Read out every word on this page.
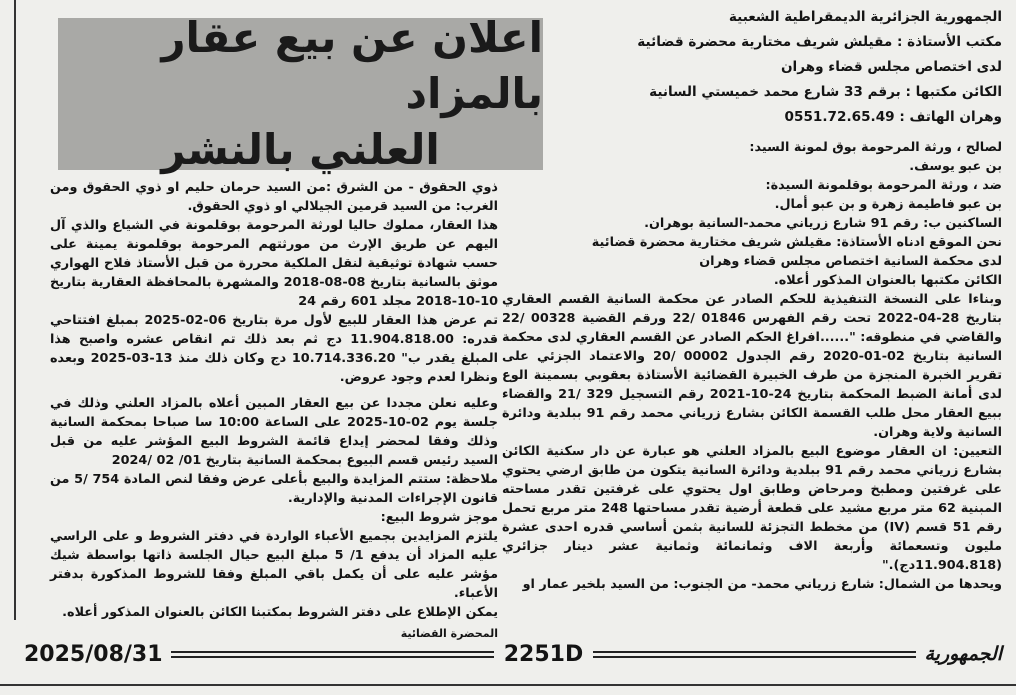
اعلان عن بيع عقار بالمزاد
العلني بالنشر

الجمهورية الجزائرية الديمقراطية الشعبية

مكتب الأستاذة : مقيلش شريف مختارية محضرة قضائية

لدى اختصاص مجلس قضاء وهران

الكائن مكتبها : برقم 33 شارع محمد خميستي السانية

وهران الهاتف : 0551.72.65.49

لصالح ، ورثة المرحومة بوق لمونة السيد:

بن عبو يوسف.

ضد ، ورثة المرحومة بوقلمونة السيدة:

بن عبو فاطيمة زهرة و بن عبو أمال.

الساكنين ب: رقم 91 شارع زرياني محمد-السانية بوهران.

نحن الموقع ادناه الأستاذة: مقيلش شريف مختارية محضرة قضائية

لدى محكمة السانية اختصاص مجلس قضاء وهران

الكائن مكتبها بالعنوان المذكور أعلاه.

وبناءا على النسخة التنفيذية للحكم الصادر عن محكمة السانية القسم العقاري بتاريخ 28-04-2022 تحت رقم الفهرس 01846 /22 ورقم القضية 00328 /22 والقاضي في منطوقه: "......افراغ الحكم الصادر عن القسم العقاري لدى محكمة السانية بتاريخ 02-01-2020 رقم الجدول 00002 /20 والاعتماد الجزئي على تقرير الخبرة المنجزة من طرف الخبيرة القضائية الأستاذة بعقوبي بسمينة الوع لدى أمانة الضبط المحكمة بتاريخ 24-10-2021 رقم التسجيل 329 /21 والقضاء ببيع العقار محل طلب القسمة الكائن بشارع زرياني محمد رقم 91 ببلدية ودائرة السانية ولاية وهران.

التعيين: ان العقار موضوع البيع بالمزاد العلني هو عبارة عن دار سكنية الكائن بشارع زرياني محمد رقم 91 ببلدية ودائرة السانية يتكون من طابق ارضي يحتوي على غرفتين ومطبخ ومرحاض وطابق اول يحتوي على غرفتين تقدر مساحته المبنية 62 متر مربع مشيد على قطعة أرضية تقدر مساحتها 248 متر مربع تحمل رقم 51 قسم (IV) من مخطط التجزئة للسانية بثمن أساسي قدره احدى عشرة مليون وتسعمائة وأربعة الاف وثمانمائة وثمانية عشر دينار جزائري (11.904.818دج)."

ويحدها من الشمال: شارع زرياني محمد- من الجنوب: من السيد بلخير عمار او

ذوي الحقوق - من الشرق :من السيد حرمان حليم او ذوي الحقوق ومن الغرب: من السيد قرمين الجيلالي او ذوي الحقوق.

هذا العقار، مملوك حاليا لورثة المرحومة بوقلمونة في الشياع والذي آل اليهم عن طريق الإرث من مورثتهم المرحومة بوقلمونة يمينة على حسب شهادة توثيقية لنقل الملكية محررة من قبل الأستاذ فلاح الهواري موثق بالسانية بتاريخ 08-08-2018 والمشهرة بالمحافظة العقارية بتاريخ 10-10-2018 مجلد 601 رقم 24

تم عرض هذا العقار للبيع لأول مرة بتاريخ 06-02-2025 بمبلغ افتتاحي قدره: 11.904.818.00 دج ثم بعد ذلك تم انقاص عشره واصبح هذا المبلغ يقدر ب" 10.714.336.20 دج وكان ذلك منذ 13-03-2025 وبعده ونظرا لعدم وجود عروض.

وعليه نعلن مجددا عن بيع العقار المبين أعلاه بالمزاد العلني وذلك في جلسة يوم 02-10-2025 على الساعة 10:00 سا صباحا بمحكمة السانية وذلك وفقا لمحضر إيداع قائمة الشروط البيع المؤشر عليه من قبل السيد رئيس قسم البيوع بمحكمة السانية بتاريخ 01/ 02 /2024

ملاحظة: ستتم المزايدة والبيع بأعلى عرض وفقا لنص المادة 754 /5 من قانون الإجراءات المدنية والإدارية.

موجز شروط البيع:

يلتزم المزايدين بجميع الأعباء الواردة في دفتر الشروط و على الراسي عليه المزاد أن يدفع 1/ 5 مبلغ البيع حيال الجلسة ذاتها بواسطة شيك مؤشر عليه على أن يكمل باقي المبلغ وفقا للشروط المذكورة بدفتر الأعباء.

يمكن الإطلاع على دفتر الشروط بمكتبنا الكائن بالعنوان المذكور أعلاه.

المحضرة القضائية

2025/08/31	2251D	الجمهورية
